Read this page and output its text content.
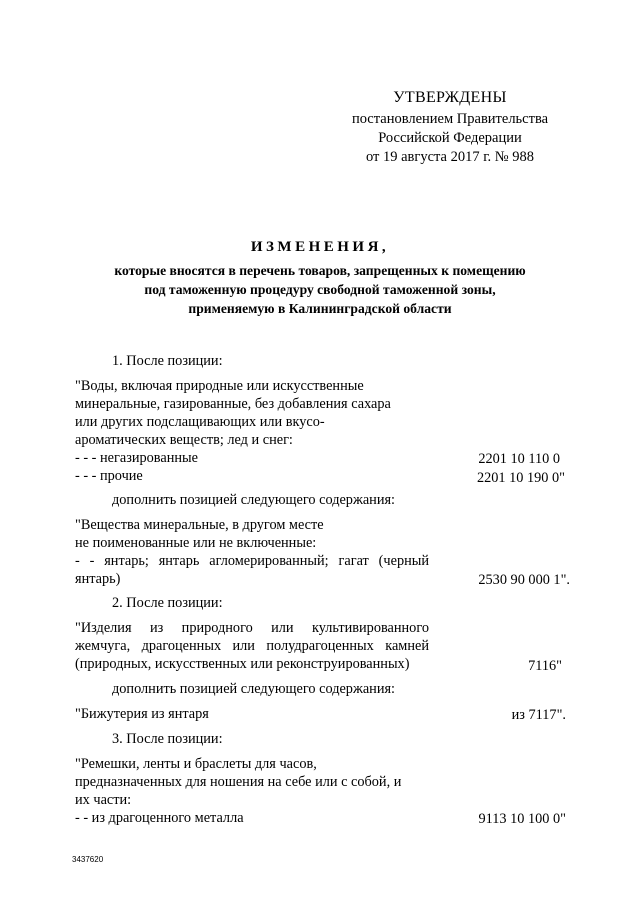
УТВЕРЖДЕНЫ
постановлением Правительства
Российской Федерации
от 19 августа 2017 г. № 988
ИЗМЕНЕНИЯ,
которые вносятся в перечень товаров, запрещенных к помещению
под таможенную процедуру свободной таможенной зоны,
применяемую в Калининградской области
1. После позиции:
"Воды, включая природные или искусственные
минеральные, газированные, без добавления сахара
или других подслащивающих или вкусо-
ароматических веществ; лед и снег:
- - - негазированные	2201 10 110 0
- - - прочие	2201 10 190 0"
дополнить позицией следующего содержания:
"Вещества минеральные, в другом месте
не поименованные или не включенные:
- - янтарь; янтарь агломерированный; гагат (черный
янтарь)	2530 90 000 1".
2. После позиции:
"Изделия из природного или культивированного
жемчуга, драгоценных или полудрагоценных камней
(природных, искусственных или реконструированных)	7116"
дополнить позицией следующего содержания:
"Бижутерия из янтаря	из 7117".
3. После позиции:
"Ремешки, ленты и браслеты для часов,
предназначенных для ношения на себе или с собой, и
их части:
- - из драгоценного металла	9113 10 100 0"
3437620
